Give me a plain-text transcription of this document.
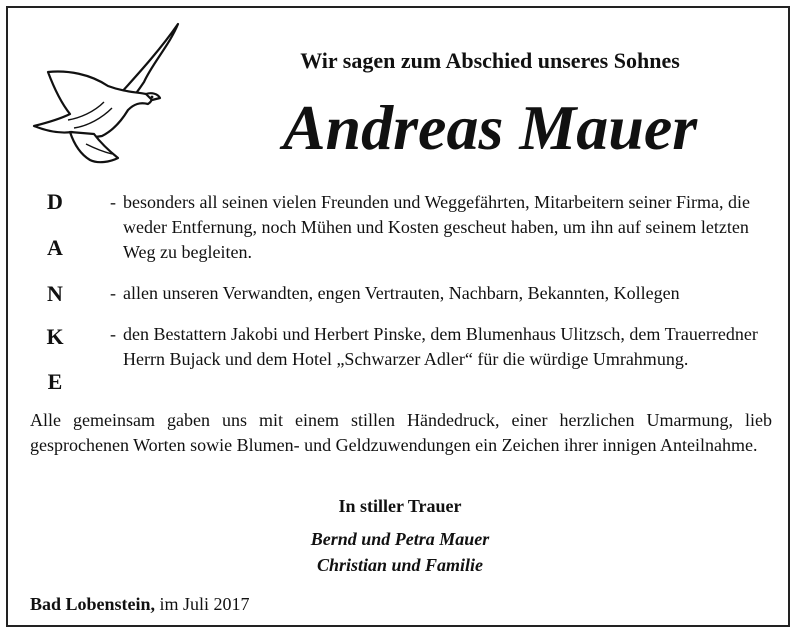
Wir sagen zum Abschied unseres Sohnes
Andreas Mauer
D
A
N
K
E
- besonders all seinen vielen Freunden und Weggefährten, Mitarbeitern seiner Firma, die weder Entfernung, noch Mühen und Kosten gescheut haben, um ihn auf seinem letzten Weg zu begleiten.
- allen unseren Verwandten, engen Vertrauten, Nachbarn, Bekannten, Kollegen
- den Bestattern Jakobi und Herbert Pinske, dem Blumenhaus Ulitzsch, dem Trauerredner Herrn Bujack und dem Hotel „Schwarzer Adler“ für die würdige Umrahmung.
Alle gemeinsam gaben uns mit einem stillen Händedruck, einer herzlichen Umarmung, lieb gesprochenen Worten sowie Blumen- und Geldzuwendungen ein Zeichen ihrer innigen Anteilnahme.
In stiller Trauer
Bernd und Petra Mauer
Christian und Familie
Bad Lobenstein, im Juli 2017
